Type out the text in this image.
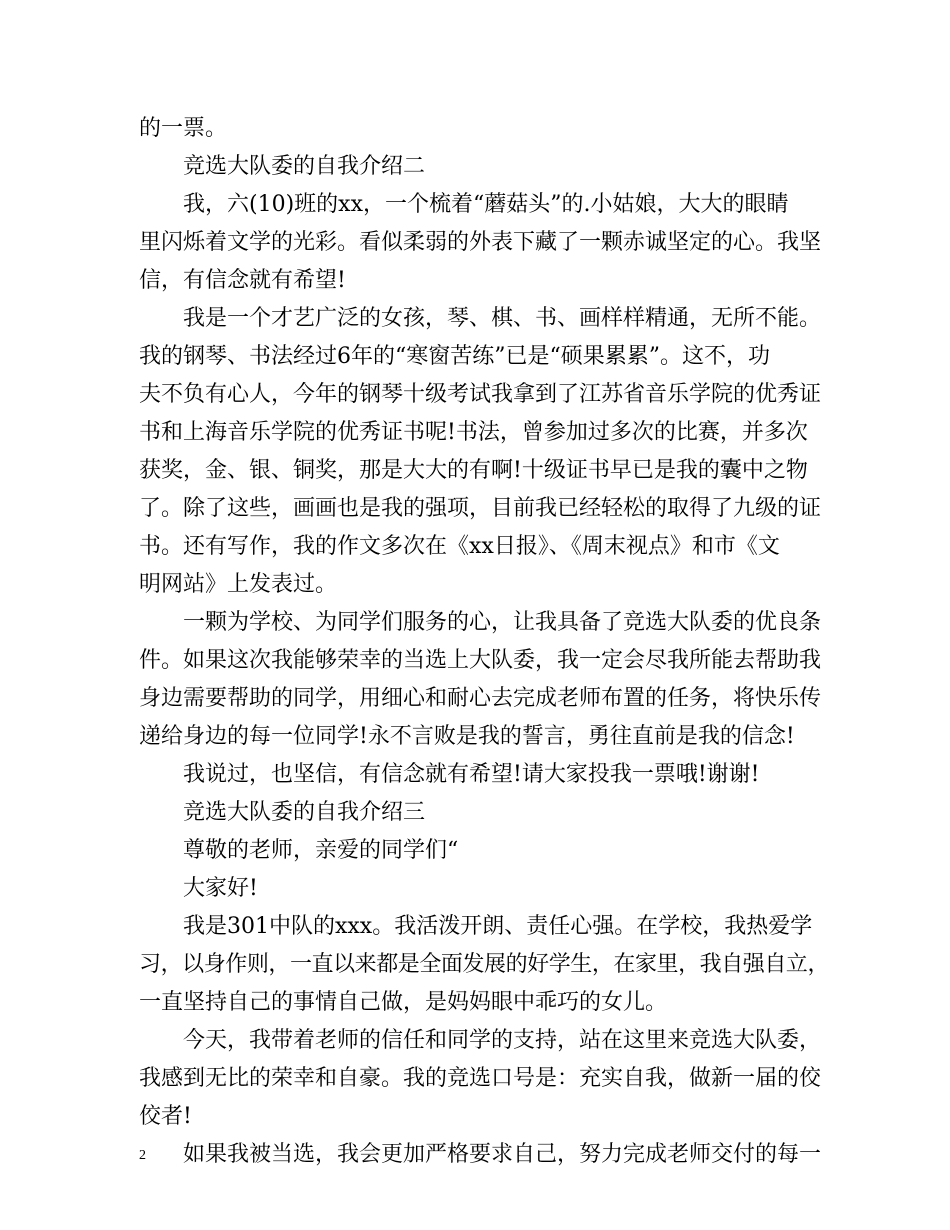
的一票。
竞选大队委的自我介绍二
我，六(10)班的xx，一个梳着“蘑菇头”的.小姑娘，大大的眼睛
里闪烁着文学的光彩。看似柔弱的外表下藏了一颗赤诚坚定的心。我坚
信，有信念就有希望!
我是一个才艺广泛的女孩，琴、棋、书、画样样精通，无所不能。
我的钢琴、书法经过6年的“寒窗苦练”已是“硕果累累”。这不，功
夫不负有心人，今年的钢琴十级考试我拿到了江苏省音乐学院的优秀证
书和上海音乐学院的优秀证书呢!书法，曾参加过多次的比赛，并多次
获奖，金、银、铜奖，那是大大的有啊!十级证书早已是我的囊中之物
了。除了这些，画画也是我的强项，目前我已经轻松的取得了九级的证
书。还有写作，我的作文多次在《xx日报》、《周末视点》和市《文
明网站》上发表过。
一颗为学校、为同学们服务的心，让我具备了竞选大队委的优良条
件。如果这次我能够荣幸的当选上大队委，我一定会尽我所能去帮助我
身边需要帮助的同学，用细心和耐心去完成老师布置的任务，将快乐传
递给身边的每一位同学!永不言败是我的誓言，勇往直前是我的信念!
我说过，也坚信，有信念就有希望!请大家投我一票哦!谢谢!
竞选大队委的自我介绍三
尊敬的老师，亲爱的同学们“
大家好!
我是301中队的xxx。我活泼开朗、责任心强。在学校，我热爱学
习，以身作则，一直以来都是全面发展的好学生，在家里，我自强自立，
一直坚持自己的事情自己做，是妈妈眼中乖巧的女儿。
今天，我带着老师的信任和同学的支持，站在这里来竞选大队委，
我感到无比的荣幸和自豪。我的竞选口号是：充实自我，做新一届的佼
佼者!
如果我被当选，我会更加严格要求自己，努力完成老师交付的每一
2
